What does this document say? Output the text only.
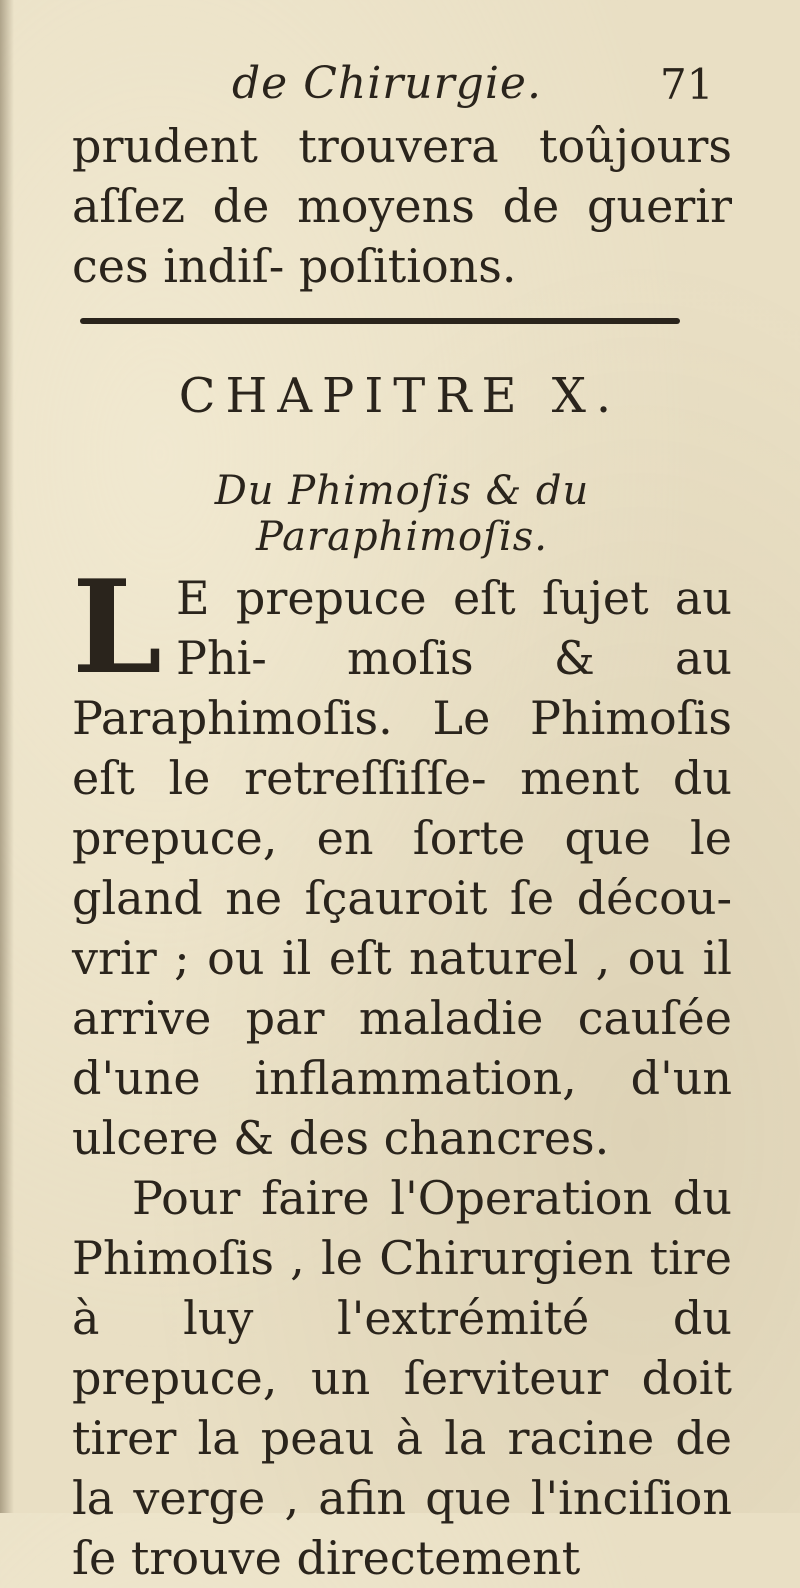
de Chirurgie.	71

prudent trouvera toûjours aſſez de moyens de guerir ces indiſ- poſitions.

CHAPITRE X.
Du Phimoſis & du Paraphimoſis.

L E prepuce eſt ſujet au Phi- moſis & au Paraphimoſis. Le Phimoſis eſt le retreſſiſſe- ment du prepuce, en ſorte que le gland ne ſçauroit ſe décou- vrir ; ou il eſt naturel , ou il arrive par maladie cauſée d'une inflammation, d'un ulcere & des chancres.

Pour faire l'Operation du Phimoſis , le Chirurgien tire à luy l'extrémité du prepuce, un ſerviteur doit tirer la peau à la racine de la verge , afin que l'inciſion ſe trouve directement
